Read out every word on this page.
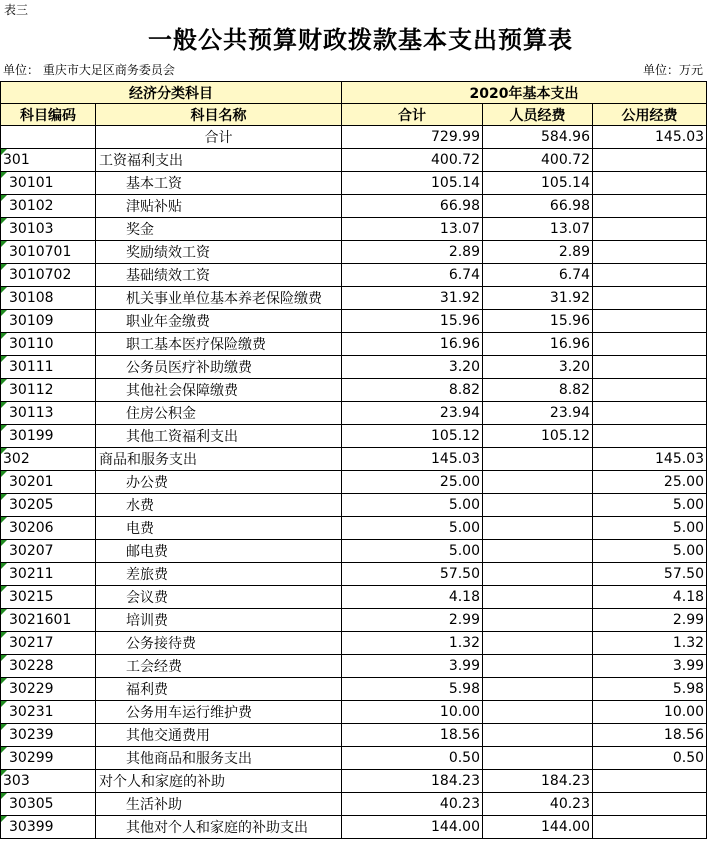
表三
一般公共预算财政拨款基本支出预算表
单位： 重庆市大足区商务委员会	单位：万元
经济分类科目		2020年基本支出		
科目编码	科目名称	合计	人员经费	公用经费
	合计	729.99	584.96	145.03
301	工资福利支出	400.72	400.72	
30101	基本工资	105.14	105.14	
30102	津贴补贴	66.98	66.98	
30103	奖金	13.07	13.07	
3010701	奖励绩效工资	2.89	2.89	
3010702	基础绩效工资	6.74	6.74	
30108	机关事业单位基本养老保险缴费	31.92	31.92	
30109	职业年金缴费	15.96	15.96	
30110	职工基本医疗保险缴费	16.96	16.96	
30111	公务员医疗补助缴费	3.20	3.20	
30112	其他社会保障缴费	8.82	8.82	
30113	住房公积金	23.94	23.94	
30199	其他工资福利支出	105.12	105.12	
302	商品和服务支出	145.03		145.03
30201	办公费	25.00		25.00
30205	水费	5.00		5.00
30206	电费	5.00		5.00
30207	邮电费	5.00		5.00
30211	差旅费	57.50		57.50
30215	会议费	4.18		4.18
3021601	培训费	2.99		2.99
30217	公务接待费	1.32		1.32
30228	工会经费	3.99		3.99
30229	福利费	5.98		5.98
30231	公务用车运行维护费	10.00		10.00
30239	其他交通费用	18.56		18.56
30299	其他商品和服务支出	0.50		0.50
303	对个人和家庭的补助	184.23	184.23	
30305	生活补助	40.23	40.23	
30399	其他对个人和家庭的补助支出	144.00	144.00	
